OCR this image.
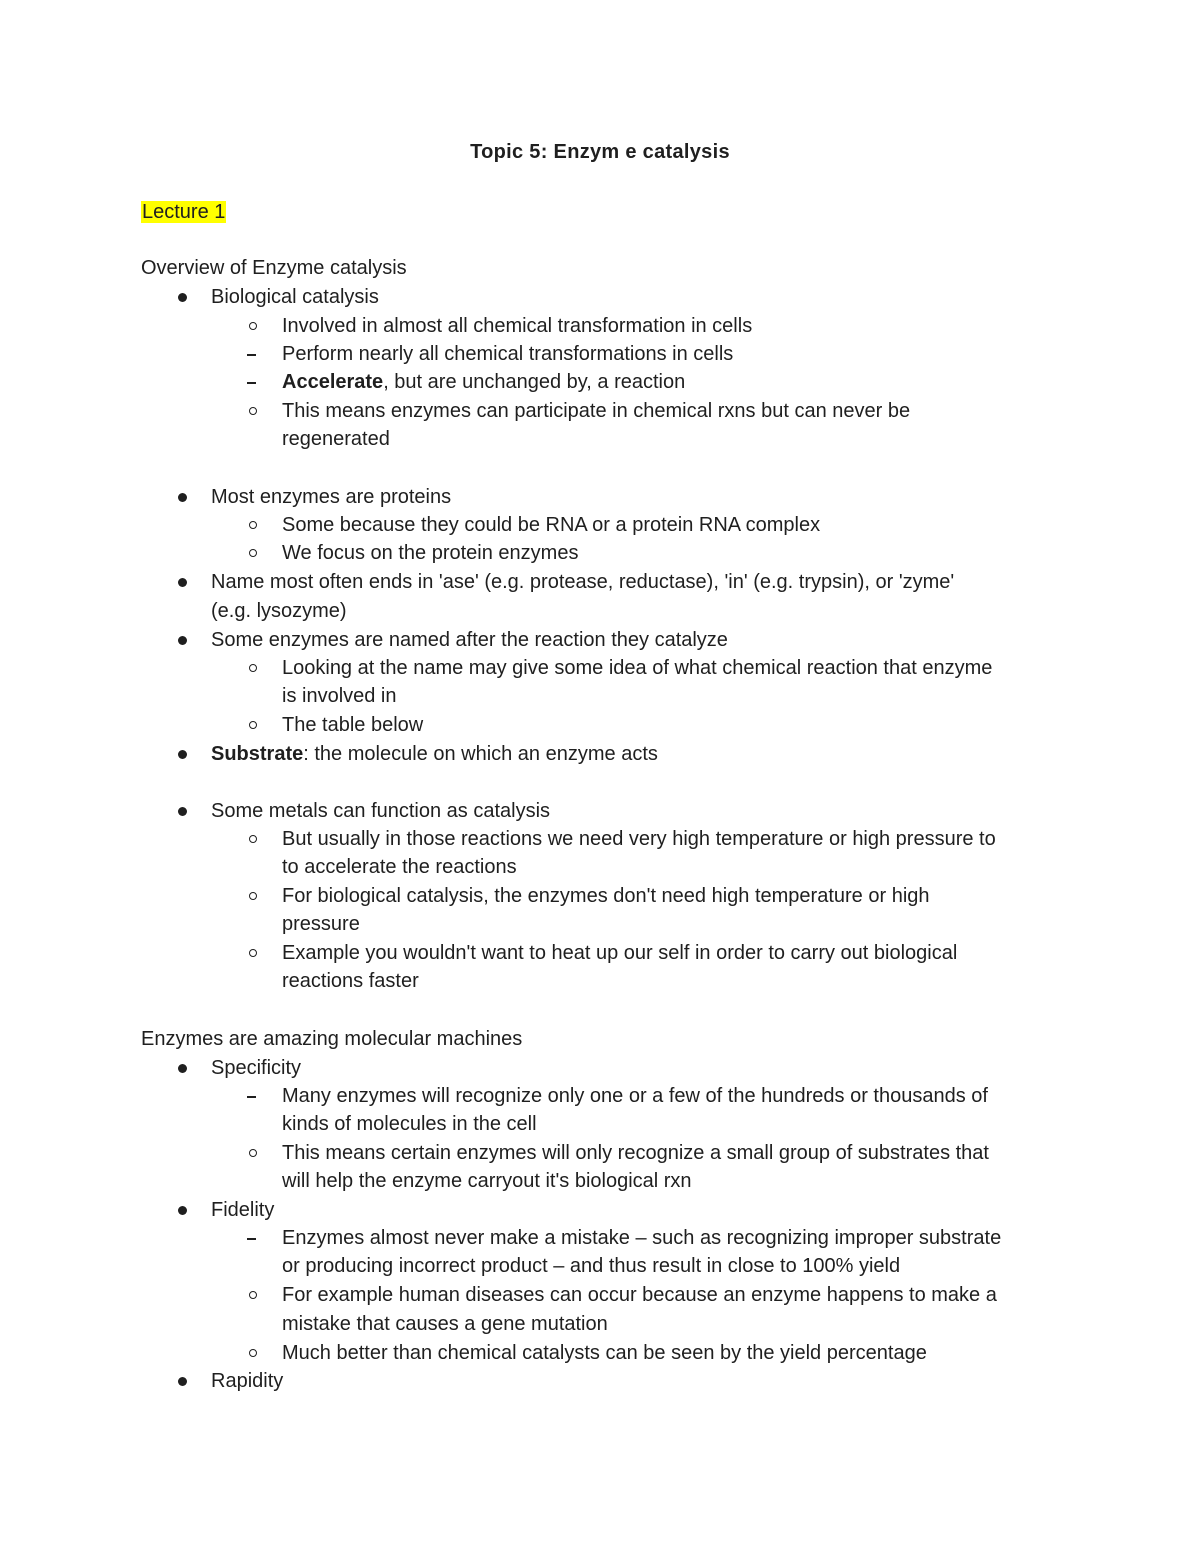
Topic 5: Enzym e catalysis
Lecture 1
Overview of Enzyme catalysis
Biological catalysis
Involved in almost all chemical transformation in cells
Perform nearly all chemical transformations in cells
Accelerate, but are unchanged by, a reaction
This means enzymes can participate in chemical rxns but can never be
regenerated
Most enzymes are proteins
Some because they could be RNA or a protein RNA complex
We focus on the protein enzymes
Name most often ends in 'ase' (e.g. protease, reductase), 'in' (e.g. trypsin), or 'zyme'
(e.g. lysozyme)
Some enzymes are named after the reaction they catalyze
Looking at the name may give some idea of what chemical reaction that enzyme
is involved in
The table below
Substrate: the molecule on which an enzyme acts
Some metals can function as catalysis
But usually in those reactions we need very high temperature or high pressure to
to accelerate the reactions
For biological catalysis, the enzymes don't need high temperature or high
pressure
Example you wouldn't want to heat up our self in order to carry out biological
reactions faster
Enzymes are amazing molecular machines
Specificity
Many enzymes will recognize only one or a few of the hundreds or thousands of
kinds of molecules in the cell
This means certain enzymes will only recognize a small group of substrates that
will help the enzyme carryout it's biological rxn
Fidelity
Enzymes almost never make a mistake – such as recognizing improper substrate
or producing incorrect product – and thus result in close to 100% yield
For example human diseases can occur because an enzyme happens to make a
mistake that causes a gene mutation
Much better than chemical catalysts can be seen by the yield percentage
Rapidity
